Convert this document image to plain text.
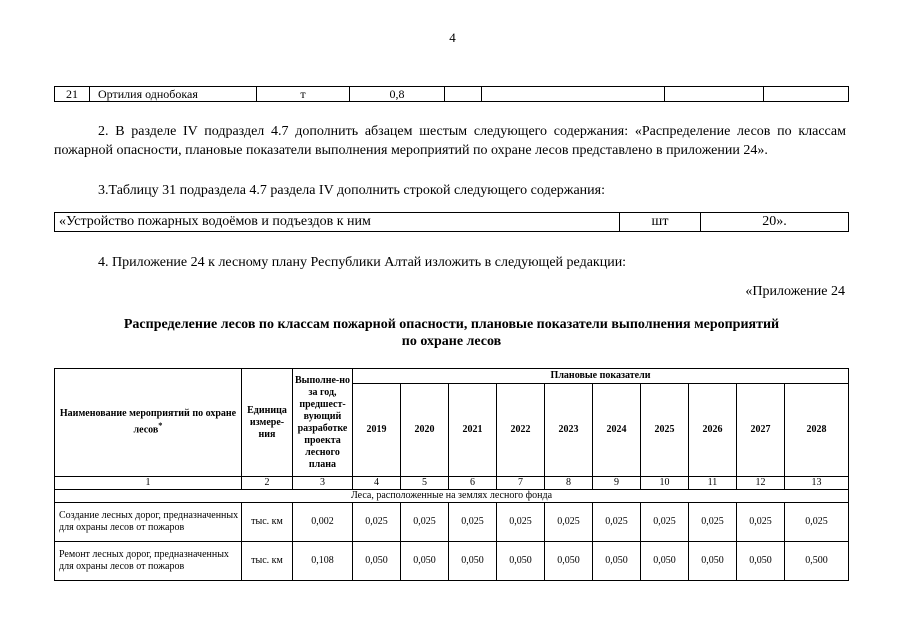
4
21	Ортилия однобокая	т	0,8				
2. В разделе IV подраздел 4.7 дополнить абзацем шестым следующего содержания: «Распределение лесов по классам пожарной опасности, плановые показатели выполнения мероприятий по охране лесов представлено в приложении 24».
3.Таблицу 31 подраздела 4.7 раздела IV дополнить строкой следующего содержания:
«Устройство пожарных водоёмов и подъездов к ним	шт	20».
4. Приложение 24 к лесному плану Республики Алтай изложить в следующей редакции:
«Приложение 24
Распределение лесов по классам пожарной опасности, плановые показатели выполнения мероприятий
по охране лесов
Наименование мероприятий по охране лесов*	Единица измере-ния	Выполне-но за год, предшест-вующий разработке проекта лесного плана	Плановые показатели									
			2019	2020	2021	2022	2023	2024	2025	2026	2027	2028
1	2	3	4	5	6	7	8	9	10	11	12	13
Леса, расположенные на землях лесного фонда												
Создание лесных дорог, предназначенных для охраны лесов от пожаров	тыс. км	0,002	0,025	0,025	0,025	0,025	0,025	0,025	0,025	0,025	0,025	0,025
Ремонт лесных дорог, предназначенных для охраны лесов от пожаров	тыс. км	0,108	0,050	0,050	0,050	0,050	0,050	0,050	0,050	0,050	0,050	0,500
